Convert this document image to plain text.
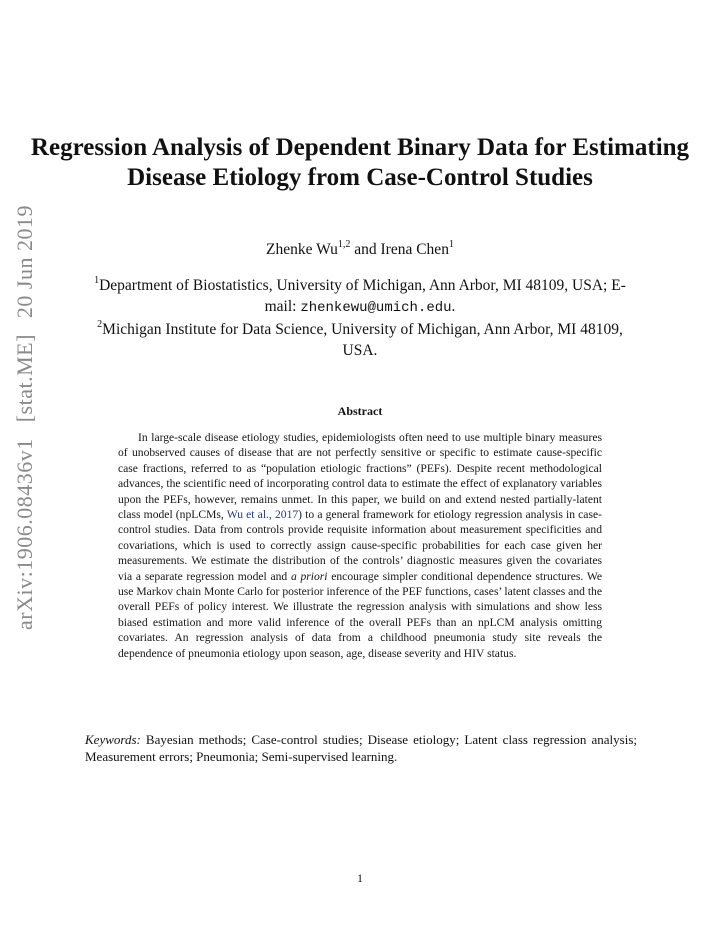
arXiv:1906.08436v1
[stat.ME]
20 Jun 2019
Regression Analysis of Dependent Binary Data for Estimating Disease Etiology from Case-Control Studies
Zhenke Wu$^{1,2}$ and Irena Chen$^1$
$^1$Department of Biostatistics, University of Michigan, Ann Arbor, MI 48109, USA; E-mail: zhenkewu@umich.edu.
$^2$Michigan Institute for Data Science, University of Michigan, Ann Arbor, MI 48109, USA.
Abstract
In large-scale disease etiology studies, epidemiologists often need to use multiple binary measures of unobserved causes of disease that are not perfectly sensitive or specific to estimate cause-specific case fractions, referred to as “population etiologic fractions” (PEFs). Despite recent methodological advances, the scientific need of incorporating control data to estimate the effect of explanatory variables upon the PEFs, however, remains unmet. In this paper, we build on and extend nested partially-latent class model (npLCMs, Wu et al., 2017) to a general framework for etiology regression analysis in case-control studies. Data from controls provide requisite information about measurement specificities and covariations, which is used to correctly assign cause-specific probabilities for each case given her measurements. We estimate the distribution of the controls’ diagnostic measures given the covariates via a separate regression model and a priori encourage simpler conditional dependence structures. We use Markov chain Monte Carlo for posterior inference of the PEF functions, cases’ latent classes and the overall PEFs of policy interest. We illustrate the regression analysis with simulations and show less biased estimation and more valid inference of the overall PEFs than an npLCM analysis omitting covariates. An regression analysis of data from a childhood pneumonia study site reveals the dependence of pneumonia etiology upon season, age, disease severity and HIV status.
Keywords: Bayesian methods; Case-control studies; Disease etiology; Latent class regression analysis; Measurement errors; Pneumonia; Semi-supervised learning.
1
